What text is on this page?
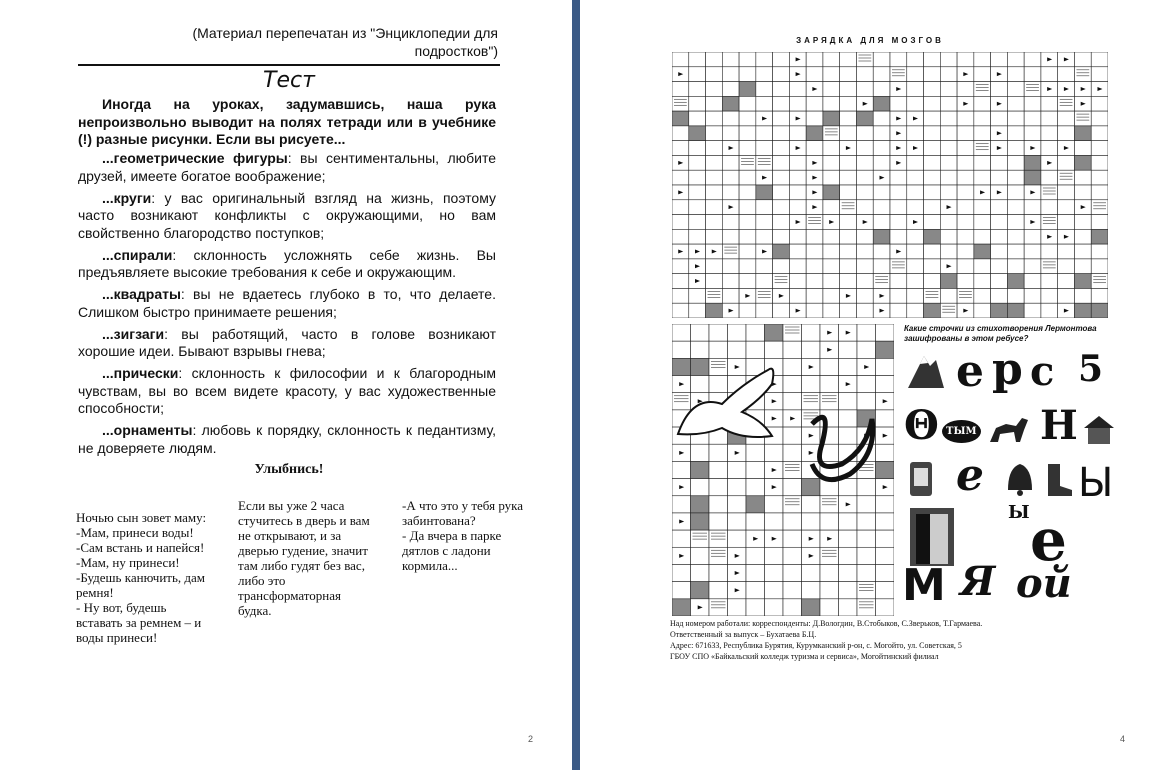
(Материал перепечатан из "Энциклопедии для подростков")
Тест

Иногда на уроках, задумавшись, наша рука непроизвольно выводит на полях тетради или в учебнике (!) разные рисунки. Если вы рисуете...

...геометрические фигуры: вы сентиментальны, любите друзей, имеете богатое воображение;
...круги: у вас оригинальный взгляд на жизнь, поэтому часто возникают конфликты с окружающими, но вам свойственно благородство поступков;
...спирали: склонность усложнять себе жизнь. Вы предъявляете высокие требования к себе и окружающим.
...квадраты: вы не вдаетесь глубоко в то, что делаете. Слишком быстро принимаете решения;
...зигзаги: вы работящий, часто в голове возникают хорошие идеи. Бывают взрывы гнева;
...прически: склонность к философии и к благородным чувствам, вы во всем видете красоту, у вас художественные способности;
...орнаменты: любовь к порядку, склонность к педантизму, не доверяете людям.
Улыбнись!

Ночью сын зовет маму:
-Мам, принеси воды!
-Сам встань и напейся!
-Мам, ну принеси!
-Будешь канючить, дам ремня!
- Ну вот, будешь вставать за ремнем – и воды принеси!

Если вы уже 2 часа стучитесь в дверь и вам не открывают, и за дверью гудение, значит там либо гудят без вас, либо это трансформаторная будка.

-А что это у тебя рука забинтована?
- Да вчера в парке дятлов с ладони кормила...

2
ЗАРЯДКА ДЛЯ МОЗГОВ

Какие строчки из стихотворения Лермонтова зашифрованы в этом ребусе?

е р с 5
Θ ТЫМ Н
е Ы
Ы е
М Я ой

Над номером работали: корреспонденты: Д.Вологдин, В.Стобыков, С.Зверьков, Т.Гармаева.
Ответственный за выпуск – Бухатаева Б.Ц.
Адрес: 671633, Республика Бурятия, Курумканский р-он, с. Могойто, ул. Советская, 5
ГБОУ СПО «Байкальский колледж туризма и сервиса», Могойтинский филиал

4
